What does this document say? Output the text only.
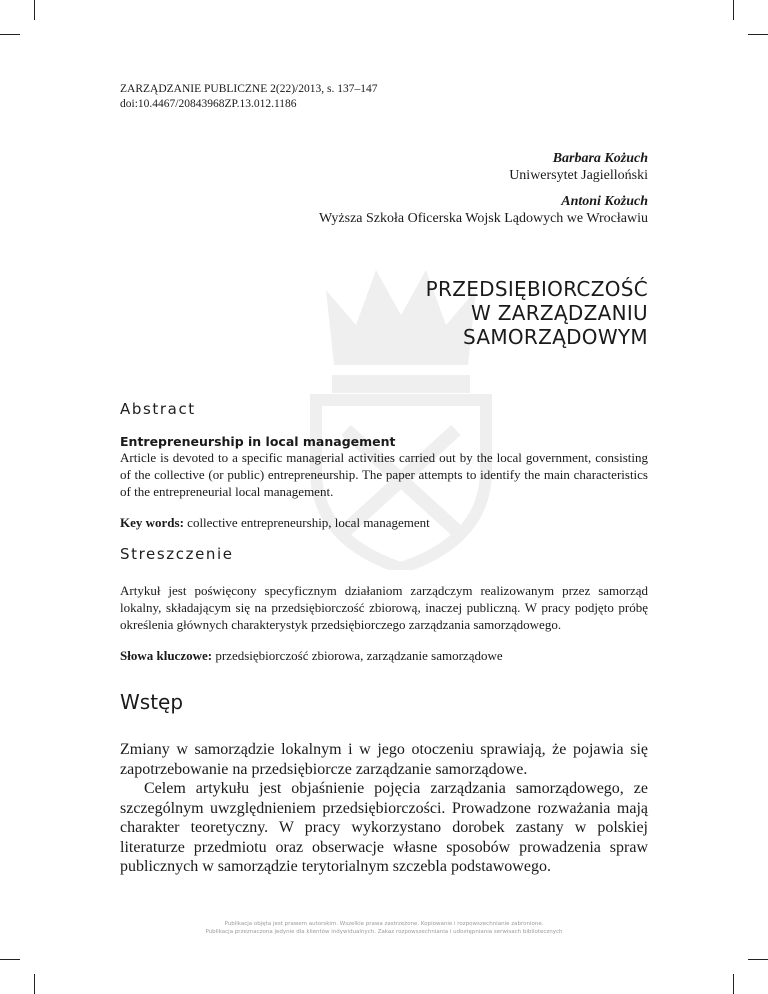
ZARZĄDZANIE PUBLICZNE 2(22)/2013, s. 137–147
doi:10.4467/20843968ZP.13.012.1186
Barbara Kożuch
Uniwersytet Jagielloński
Antoni Kożuch
Wyższa Szkoła Oficerska Wojsk Lądowych we Wrocławiu
PRZEDSIĘBIORCZOŚĆ
W ZARZĄDZANIU
SAMORZĄDOWYM
Abstract
Entrepreneurship in local management
Article is devoted to a specific managerial activities carried out by the local government, consisting of the collective (or public) entrepreneurship. The paper attempts to identify the main characteristics of the entrepreneurial local management.
Key words: collective entrepreneurship, local management
Streszczenie
Artykuł jest poświęcony specyficznym działaniom zarządczym realizowanym przez samorząd lokalny, składającym się na przedsiębiorczość zbiorową, inaczej publiczną. W pracy podjęto próbę określenia głównych charakterystyk przedsiębiorczego zarządzania samorządowego.
Słowa kluczowe: przedsiębiorczość zbiorowa, zarządzanie samorządowe
Wstęp

Zmiany w samorządzie lokalnym i w jego otoczeniu sprawiają, że pojawia się zapotrzebowanie na przedsiębiorcze zarządzanie samorządowe.

Celem artykułu jest objaśnienie pojęcia zarządzania samorządowego, ze szczególnym uwzględnieniem przedsiębiorczości. Prowadzone rozważania mają charakter teoretyczny. W pracy wykorzystano dorobek zastany w polskiej literaturze przedmiotu oraz obserwacje własne sposobów prowadzenia spraw publicznych w samorządzie terytorialnym szczebla podstawowego.

Publikacja objęta jest prawem autorskim. Wszelkie prawa zastrzeżone. Kopiowanie i rozpowszechnianie zabronione.
Publikacja przeznaczona jedynie dla klientów indywidualnych. Zakaz rozpowszechniania i udostępniania serwisach bibliotecznych
